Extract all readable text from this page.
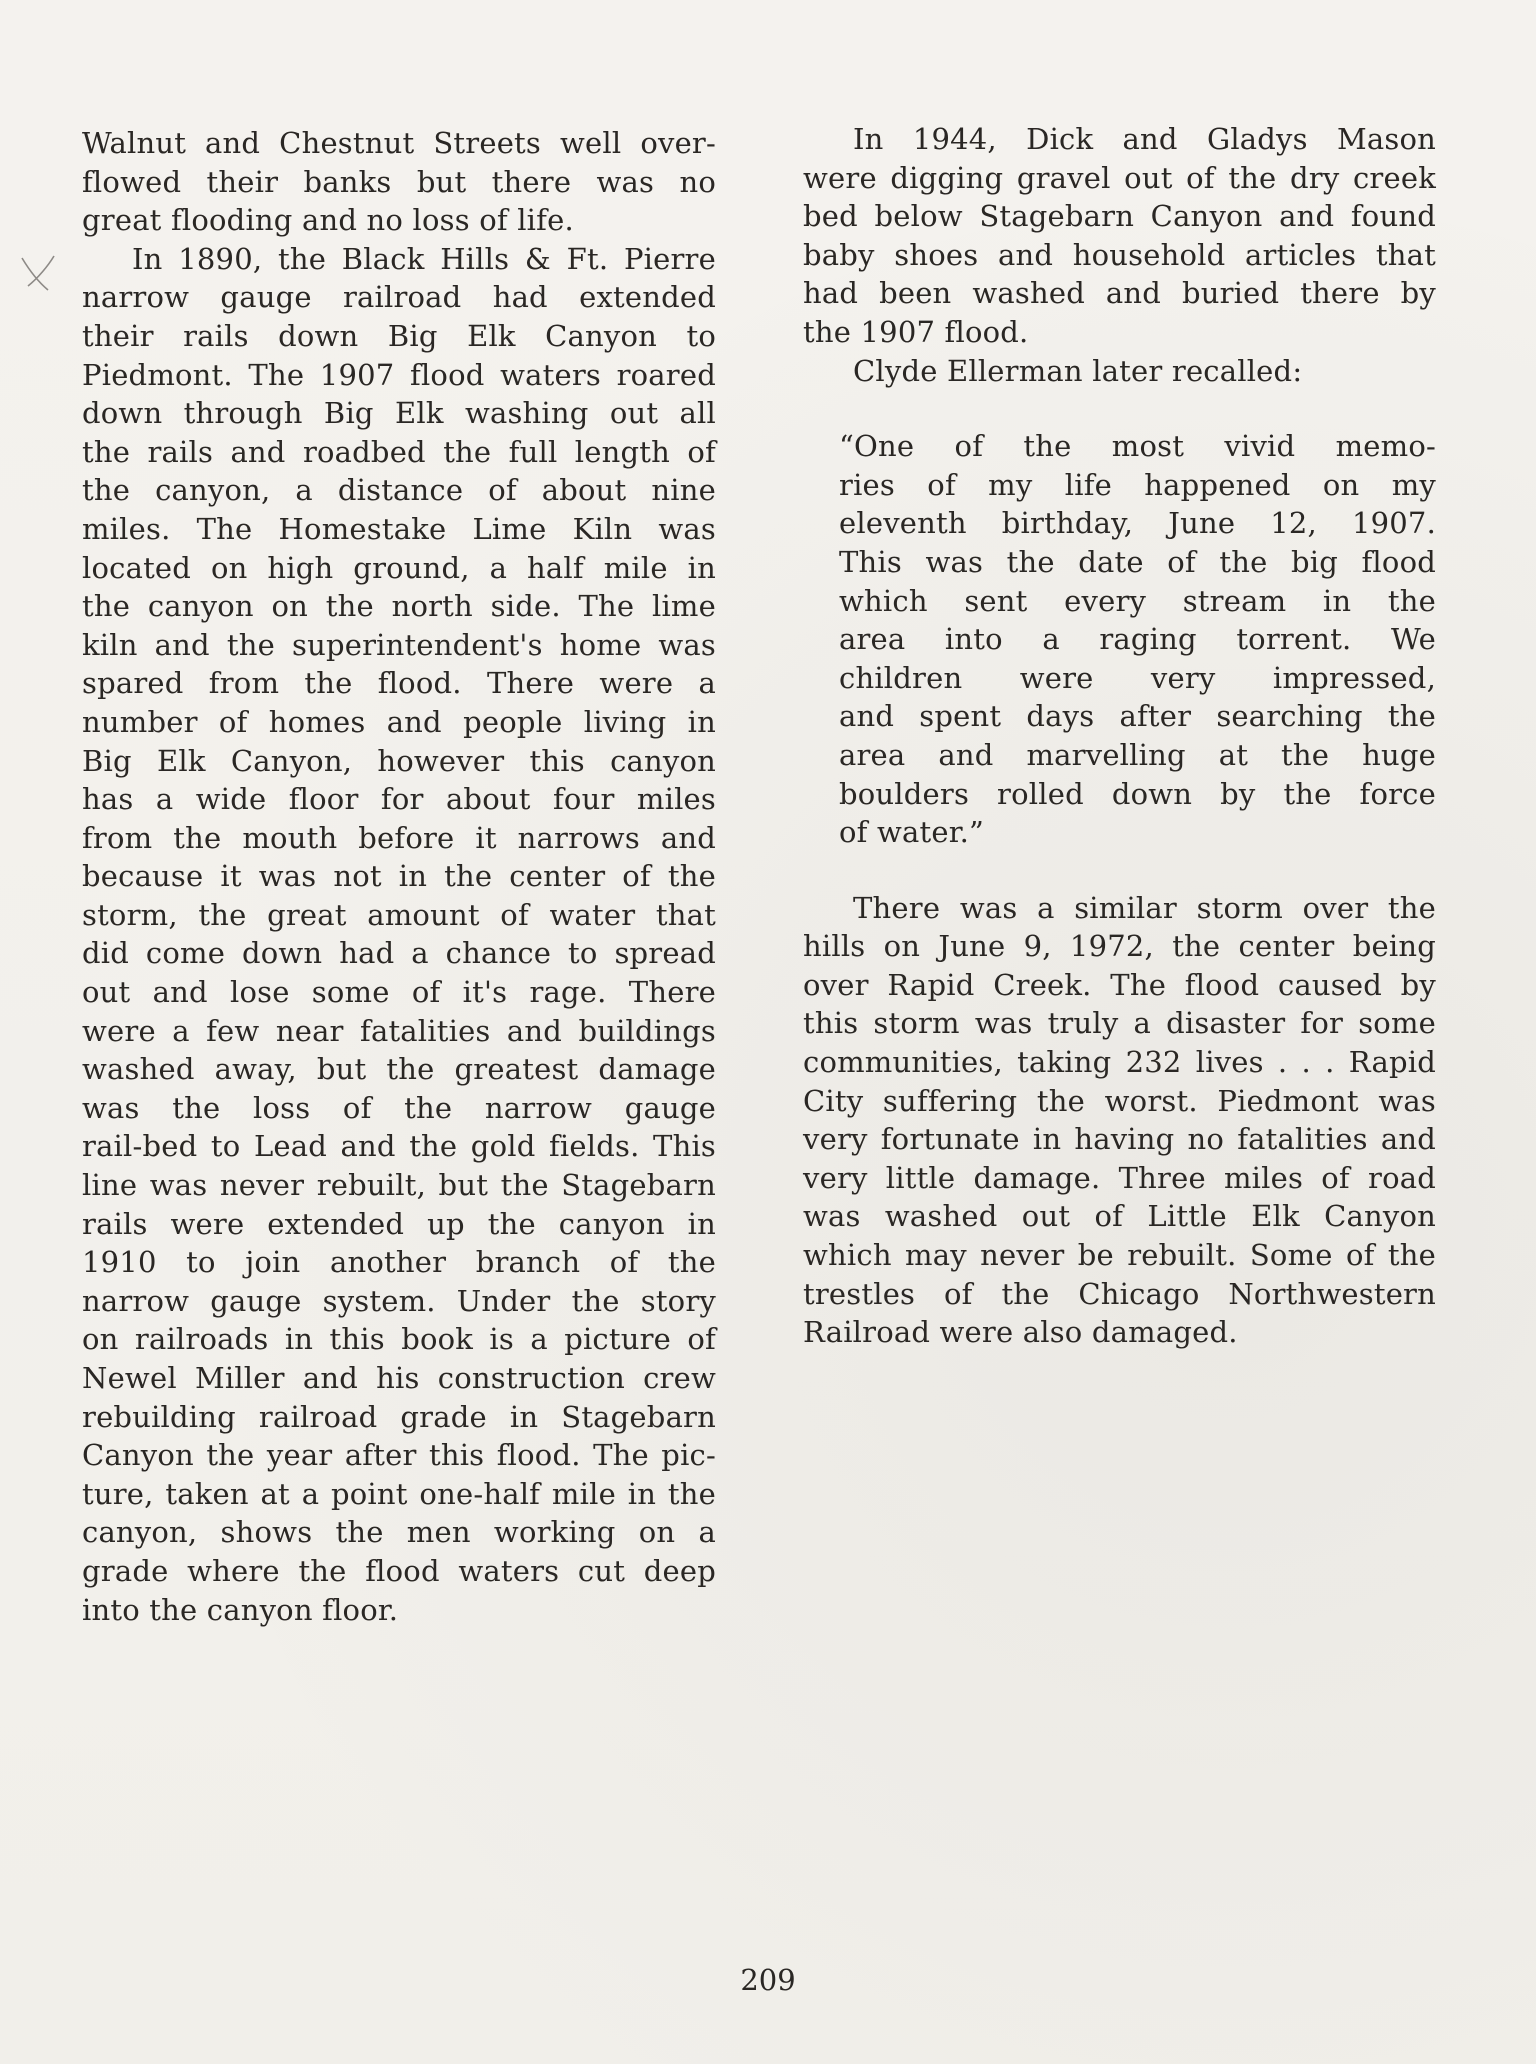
Walnut and Chestnut Streets well over-
flowed their banks but there was no
great flooding and no loss of life.
In 1890, the Black Hills & Ft. Pierre
narrow gauge railroad had extended
their rails down Big Elk Canyon to
Piedmont. The 1907 flood waters roared
down through Big Elk washing out all
the rails and roadbed the full length of
the canyon, a distance of about nine
miles. The Homestake Lime Kiln was
located on high ground, a half mile in
the canyon on the north side. The lime
kiln and the superintendent's home was
spared from the flood. There were a
number of homes and people living in
Big Elk Canyon, however this canyon
has a wide floor for about four miles
from the mouth before it narrows and
because it was not in the center of the
storm, the great amount of water that
did come down had a chance to spread
out and lose some of it's rage. There
were a few near fatalities and buildings
washed away, but the greatest damage
was the loss of the narrow gauge
rail-bed to Lead and the gold fields. This
line was never rebuilt, but the Stagebarn
rails were extended up the canyon in
1910 to join another branch of the
narrow gauge system. Under the story
on railroads in this book is a picture of
Newel Miller and his construction crew
rebuilding railroad grade in Stagebarn
Canyon the year after this flood. The pic-
ture, taken at a point one-half mile in the
canyon, shows the men working on a
grade where the flood waters cut deep
into the canyon floor.
In 1944, Dick and Gladys Mason
were digging gravel out of the dry creek
bed below Stagebarn Canyon and found
baby shoes and household articles that
had been washed and buried there by
the 1907 flood.
Clyde Ellerman later recalled:
“One of the most vivid memo-
ries of my life happened on my
eleventh birthday, June 12, 1907.
This was the date of the big flood
which sent every stream in the
area into a raging torrent. We
children were very impressed,
and spent days after searching the
area and marvelling at the huge
boulders rolled down by the force
of water.”
There was a similar storm over the
hills on June 9, 1972, the center being
over Rapid Creek. The flood caused by
this storm was truly a disaster for some
communities, taking 232 lives . . . Rapid
City suffering the worst. Piedmont was
very fortunate in having no fatalities and
very little damage. Three miles of road
was washed out of Little Elk Canyon
which may never be rebuilt. Some of the
trestles of the Chicago Northwestern
Railroad were also damaged.
209
